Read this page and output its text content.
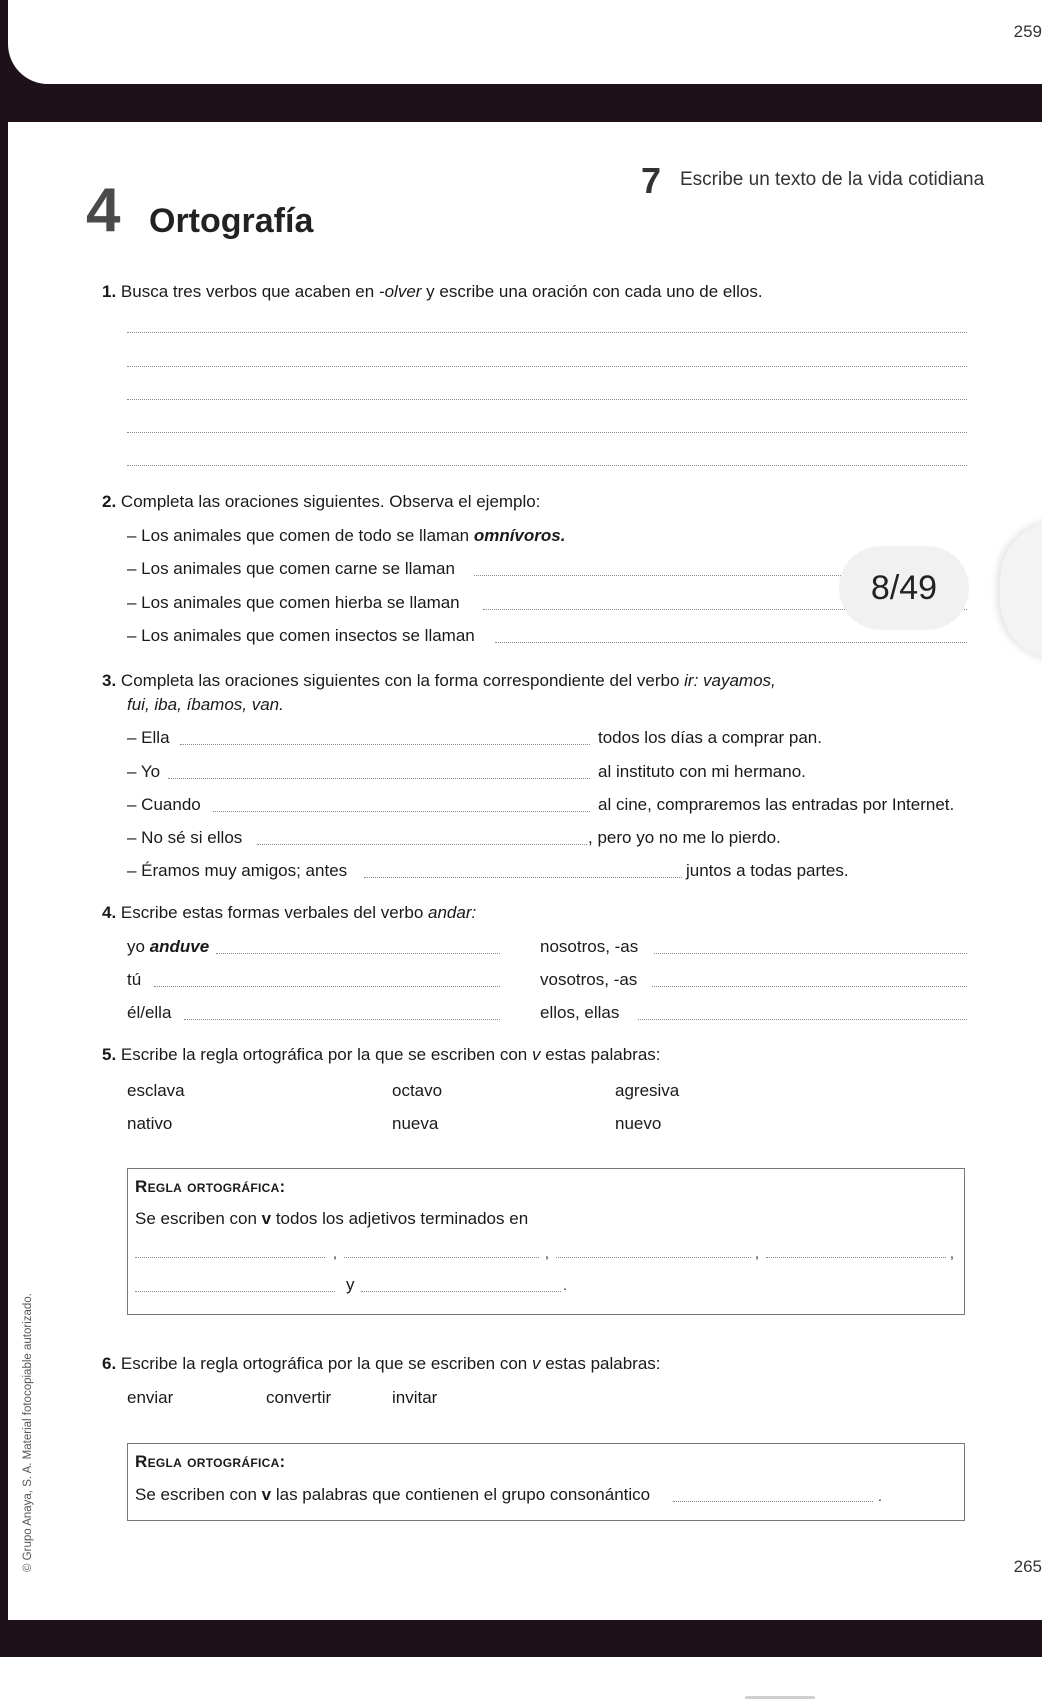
259
7 Escribe un texto de la vida cotidiana
4 Ortografía
1. Busca tres verbos que acaben en -olver y escribe una oración con cada uno de ellos.
2. Completa las oraciones siguientes. Observa el ejemplo:
– Los animales que comen de todo se llaman omnívoros.
– Los animales que comen carne se llaman
– Los animales que comen hierba se llaman
– Los animales que comen insectos se llaman
3. Completa las oraciones siguientes con la forma correspondiente del verbo ir: vayamos,
fui, iba, íbamos, van.
– Ella	todos los días a comprar pan.
– Yo	al instituto con mi hermano.
– Cuando	al cine, compraremos las entradas por Internet.
– No sé si ellos	, pero yo no me lo pierdo.
– Éramos muy amigos; antes	juntos a todas partes.
4. Escribe estas formas verbales del verbo andar:
yo anduve	nosotros, -as
tú	vosotros, -as
él/ella	ellos, ellas
5. Escribe la regla ortográfica por la que se escriben con v estas palabras:
esclava	octavo	agresiva
nativo	nueva	nuevo
Regla ortográfica:
Se escriben con v todos los adjetivos terminados en
,	,	,	,
y	.
6. Escribe la regla ortográfica por la que se escriben con v estas palabras:
enviar	convertir	invitar
Regla ortográfica:
Se escriben con v las palabras que contienen el grupo consonántico	.
© Grupo Anaya, S. A. Material fotocopiable autorizado.	265
8/49
